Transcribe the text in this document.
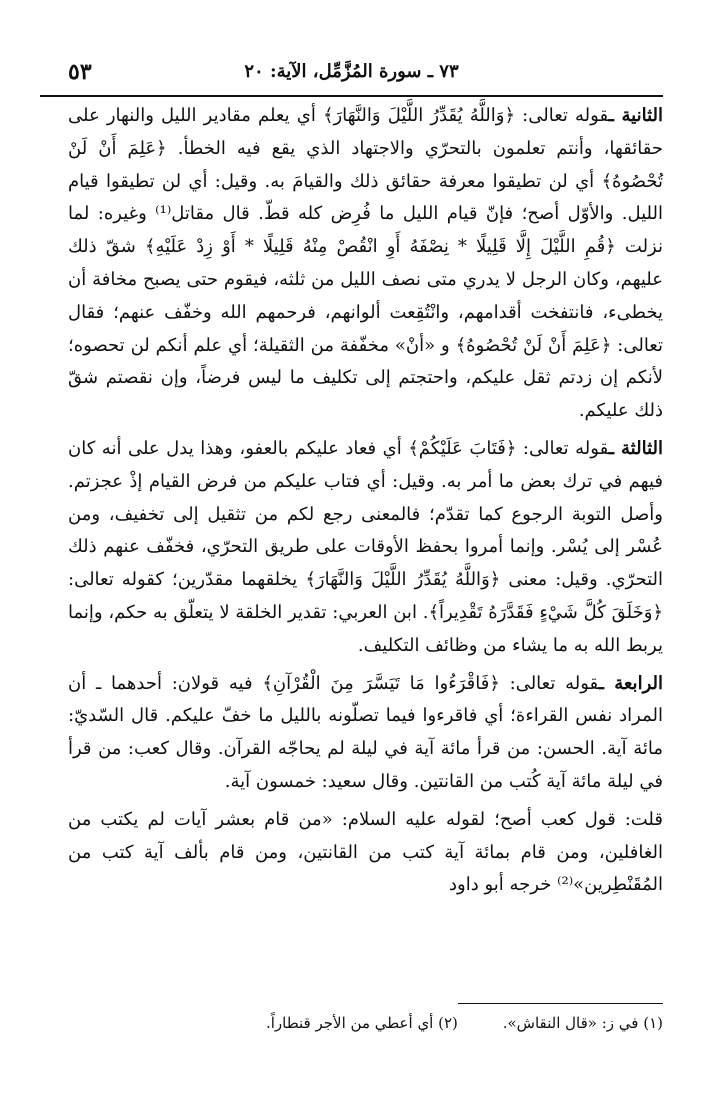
٥٣	٧٣ ـ سورة المُزَّمِّل، الآية: ٢٠

الثانية ـقوله تعالى: ﴿وَاللَّهُ يُقَدِّرُ اللَّيْلَ وَالنَّهَارَ﴾ أي يعلم مقادير الليل والنهار على حقائقها، وأنتم تعلمون بالتحرّي والاجتهاد الذي يقع فيه الخطأ. ﴿عَلِمَ أَنْ لَنْ تُحْصُوهُ﴾ أي لن تطيقوا معرفة حقائق ذلك والقيامَ به. وقيل: أي لن تطيقوا قيام الليل. والأوّل أصح؛ فإنّ قيام الليل ما فُرِض كله قطّ. قال مقاتل⁽¹⁾ وغيره: لما نزلت ﴿قُمِ اللَّيْلَ إِلَّا قَلِيلًا * نِصْفَهُ أَوِ انْقُصْ مِنْهُ قَلِيلًا * أَوْ زِدْ عَلَيْهِ﴾ شقّ ذلك عليهم، وكان الرجل لا يدري متى نصف الليل من ثلثه، فيقوم حتى يصبح مخافة أن يخطىء، فانتفخت أقدامهم، وانْتُقِعت ألوانهم، فرحمهم الله وخفّف عنهم؛ فقال تعالى: ﴿عَلِمَ أَنْ لَنْ تُحْصُوهُ﴾ و «أنْ» مخفّفة من الثقيلة؛ أي علم أنكم لن تحصوه؛ لأنكم إن زدتم ثقل عليكم، واحتجتم إلى تكليف ما ليس فرضاً، وإن نقصتم شقّ ذلك عليكم.

الثالثة ـقوله تعالى: ﴿فَتَابَ عَلَيْكُمْ﴾ أي فعاد عليكم بالعفو، وهذا يدل على أنه كان فيهم في ترك بعض ما أمر به. وقيل: أي فتاب عليكم من فرض القيام إذْ عجزتم. وأصل التوبة الرجوع كما تقدّم؛ فالمعنى رجع لكم من تثقيل إلى تخفيف، ومن عُسْر إلى يُسْر. وإنما أمروا بحفظ الأوقات على طريق التحرّي، فخفّف عنهم ذلك التحرّي. وقيل: معنى ﴿وَاللَّهُ يُقَدِّرُ اللَّيْلَ وَالنَّهَارَ﴾ يخلقهما مقدّرين؛ كقوله تعالى: ﴿وَخَلَقَ كُلَّ شَيْءٍ فَقَدَّرَهُ تَقْدِيراً﴾. ابن العربي: تقدير الخلقة لا يتعلّق به حكم، وإنما يربط الله به ما يشاء من وظائف التكليف.

الرابعة ـقوله تعالى: ﴿فَاقْرَءُوا مَا تَيَسَّرَ مِنَ الْقُرْآنِ﴾ فيه قولان: أحدهما ـ أن المراد نفس القراءة؛ أي فاقرءوا فيما تصلّونه بالليل ما خفّ عليكم. قال السّديّ: مائة آية. الحسن: من قرأ مائة آية في ليلة لم يحاجّه القرآن. وقال كعب: من قرأ في ليلة مائة آية كُتب من القانتين. وقال سعيد: خمسون آية.

قلت: قول كعب أصح؛ لقوله عليه السلام: «من قام بعشر آيات لم يكتب من الغافلين، ومن قام بمائة آية كتب من القانتين، ومن قام بألف آية كتب من المُقَنْطِرين»⁽²⁾ خرجه أبو داود

(١) في ز: «قال النقاش». (٢) أي أعطي من الأجر قنطاراً.
